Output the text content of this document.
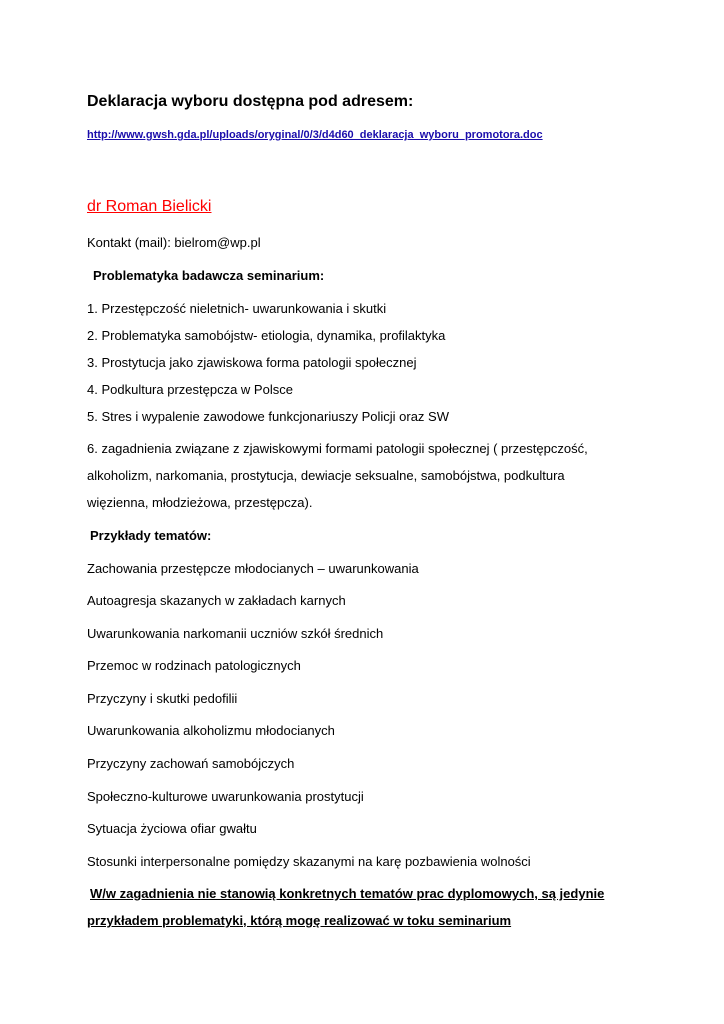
Deklaracja wyboru dostępna pod adresem:
http://www.gwsh.gda.pl/uploads/oryginal/0/3/d4d60_deklaracja_wyboru_promotora.doc
dr Roman Bielicki
Kontakt (mail): bielrom@wp.pl
Problematyka badawcza seminarium:
1. Przestępczość nieletnich- uwarunkowania i skutki
2. Problematyka samobójstw- etiologia, dynamika, profilaktyka
3. Prostytucja jako zjawiskowa forma patologii społecznej
4. Podkultura przestępcza w Polsce
5. Stres i wypalenie zawodowe funkcjonariuszy Policji oraz SW
6. zagadnienia związane z zjawiskowymi formami patologii społecznej ( przestępczość,
alkoholizm, narkomania, prostytucja, dewiacje seksualne, samobójstwa, podkultura
więzienna, młodzieżowa, przestępcza).
Przykłady tematów:
Zachowania przestępcze młodocianych – uwarunkowania
Autoagresja skazanych w zakładach karnych
Uwarunkowania narkomanii uczniów szkół średnich
Przemoc w rodzinach patologicznych
Przyczyny i skutki pedofilii
Uwarunkowania alkoholizmu młodocianych
Przyczyny zachowań samobójczych
Społeczno-kulturowe uwarunkowania prostytucji
Sytuacja życiowa ofiar gwałtu
Stosunki interpersonalne pomiędzy skazanymi na karę pozbawienia wolności
W/w zagadnienia nie stanowią konkretnych tematów prac dyplomowych, są jedynie
przykładem problematyki, którą mogę realizować w toku seminarium
